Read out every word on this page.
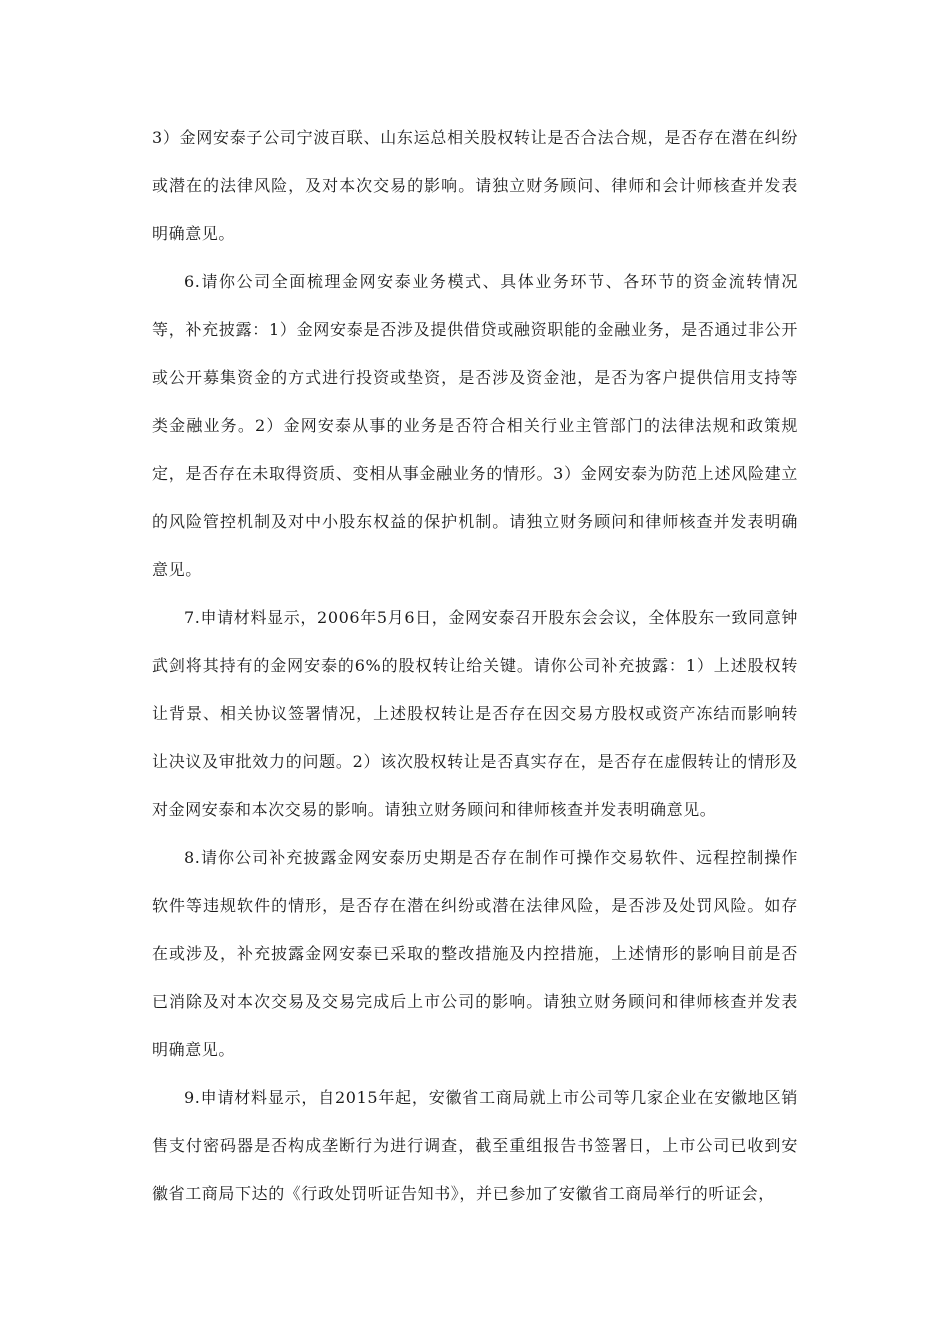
3）金网安泰子公司宁波百联、山东运总相关股权转让是否合法合规，是否存在潜在纠纷或潜在的法律风险，及对本次交易的影响。请独立财务顾问、律师和会计师核查并发表明确意见。

6.请你公司全面梳理金网安泰业务模式、具体业务环节、各环节的资金流转情况等，补充披露：1）金网安泰是否涉及提供借贷或融资职能的金融业务，是否通过非公开或公开募集资金的方式进行投资或垫资，是否涉及资金池，是否为客户提供信用支持等类金融业务。2）金网安泰从事的业务是否符合相关行业主管部门的法律法规和政策规定，是否存在未取得资质、变相从事金融业务的情形。3）金网安泰为防范上述风险建立的风险管控机制及对中小股东权益的保护机制。请独立财务顾问和律师核查并发表明确意见。

7.申请材料显示，2006年5月6日，金网安泰召开股东会会议，全体股东一致同意钟武剑将其持有的金网安泰的6%的股权转让给关键。请你公司补充披露：1）上述股权转让背景、相关协议签署情况，上述股权转让是否存在因交易方股权或资产冻结而影响转让决议及审批效力的问题。2）该次股权转让是否真实存在，是否存在虚假转让的情形及对金网安泰和本次交易的影响。请独立财务顾问和律师核查并发表明确意见。

8.请你公司补充披露金网安泰历史期是否存在制作可操作交易软件、远程控制操作软件等违规软件的情形，是否存在潜在纠纷或潜在法律风险，是否涉及处罚风险。如存在或涉及，补充披露金网安泰已采取的整改措施及内控措施，上述情形的影响目前是否已消除及对本次交易及交易完成后上市公司的影响。请独立财务顾问和律师核查并发表明确意见。

9.申请材料显示，自2015年起，安徽省工商局就上市公司等几家企业在安徽地区销售支付密码器是否构成垄断行为进行调查，截至重组报告书签署日，上市公司已收到安徽省工商局下达的《行政处罚听证告知书》，并已参加了安徽省工商局举行的听证会，
